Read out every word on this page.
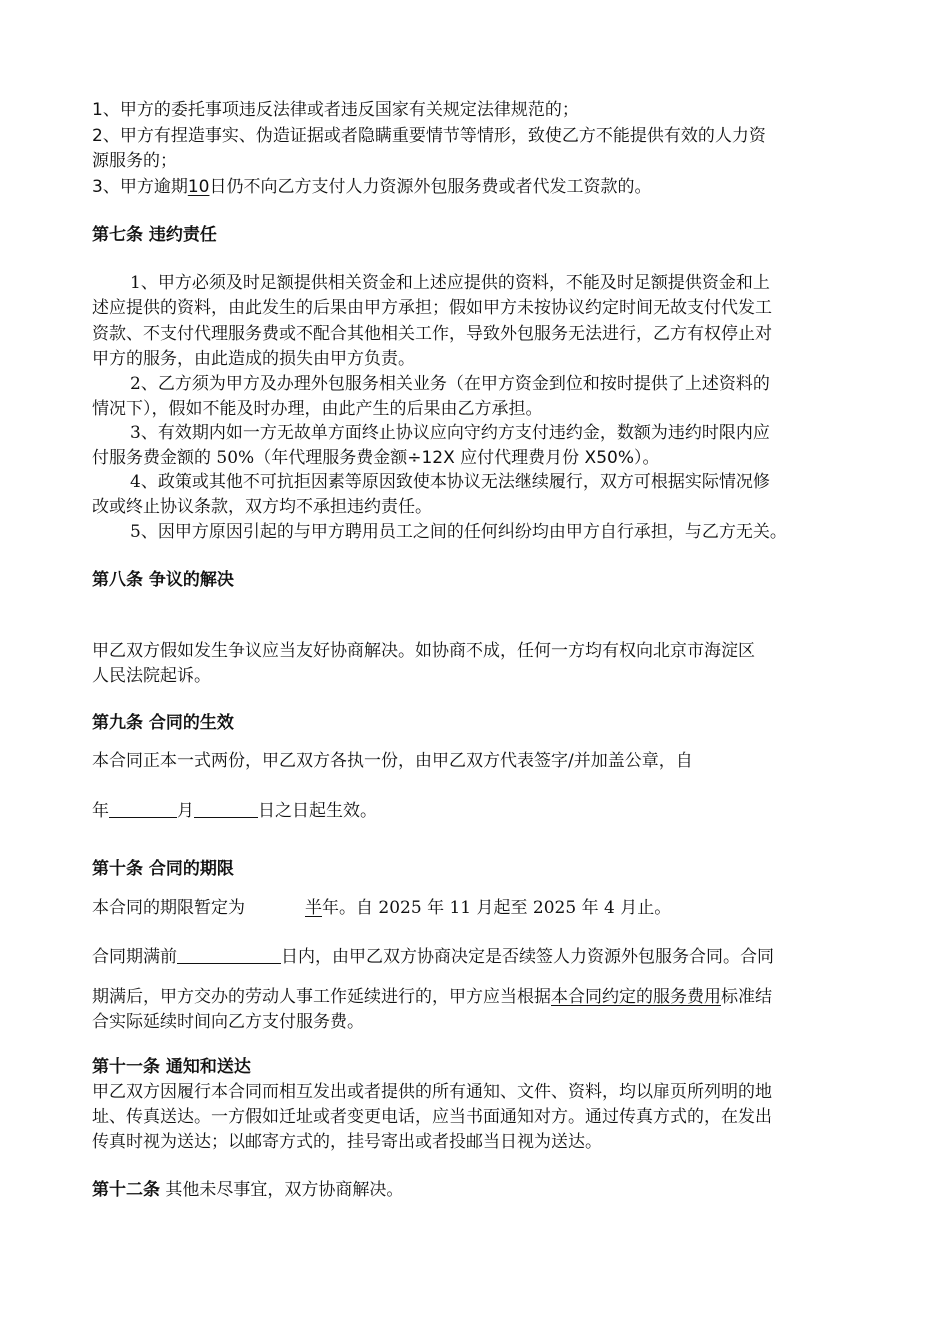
1、甲方的委托事项违反法律或者违反国家有关规定法律规范的；
2、甲方有捏造事实、伪造证据或者隐瞒重要情节等情形，致使乙方不能提供有效的人力资
源服务的；
3、甲方逾期10日仍不向乙方支付人力资源外包服务费或者代发工资款的。
第七条 违约责任
1、甲方必须及时足额提供相关资金和上述应提供的资料，不能及时足额提供资金和上
述应提供的资料，由此发生的后果由甲方承担；假如甲方未按协议约定时间无故支付代发工
资款、不支付代理服务费或不配合其他相关工作，导致外包服务无法进行，乙方有权停止对
甲方的服务，由此造成的损失由甲方负责。
2、乙方须为甲方及办理外包服务相关业务（在甲方资金到位和按时提供了上述资料的
情况下），假如不能及时办理，由此产生的后果由乙方承担。
3、有效期内如一方无故单方面终止协议应向守约方支付违约金，数额为违约时限内应
付服务费金额的 50%（年代理服务费金额÷12X 应付代理费月份 X50%）。
4、政策或其他不可抗拒因素等原因致使本协议无法继续履行，双方可根据实际情况修
改或终止协议条款，双方均不承担违约责任。
5、因甲方原因引起的与甲方聘用员工之间的任何纠纷均由甲方自行承担，与乙方无关。
第八条 争议的解决
甲乙双方假如发生争议应当友好协商解决。如协商不成，任何一方均有权向北京市海淀区
人民法院起诉。
第九条 合同的生效
本合同正本一式两份，甲乙双方各执一份，由甲乙双方代表签字/并加盖公章，自
年	月	日之日起生效。
第十条 合同的期限
本合同的期限暂定为	半年。自 2025 年 11 月起至 2025 年 4 月止。
合同期满前	日内，由甲乙双方协商决定是否续签人力资源外包服务合同。合同
期满后，甲方交办的劳动人事工作延续进行的，甲方应当根据本合同约定的服务费用标准结
合实际延续时间向乙方支付服务费。
第十一条 通知和送达
甲乙双方因履行本合同而相互发出或者提供的所有通知、文件、资料，均以扉页所列明的地
址、传真送达。一方假如迁址或者变更电话，应当书面通知对方。通过传真方式的，在发出
传真时视为送达；以邮寄方式的，挂号寄出或者投邮当日视为送达。
第十二条 其他未尽事宜，双方协商解决。
